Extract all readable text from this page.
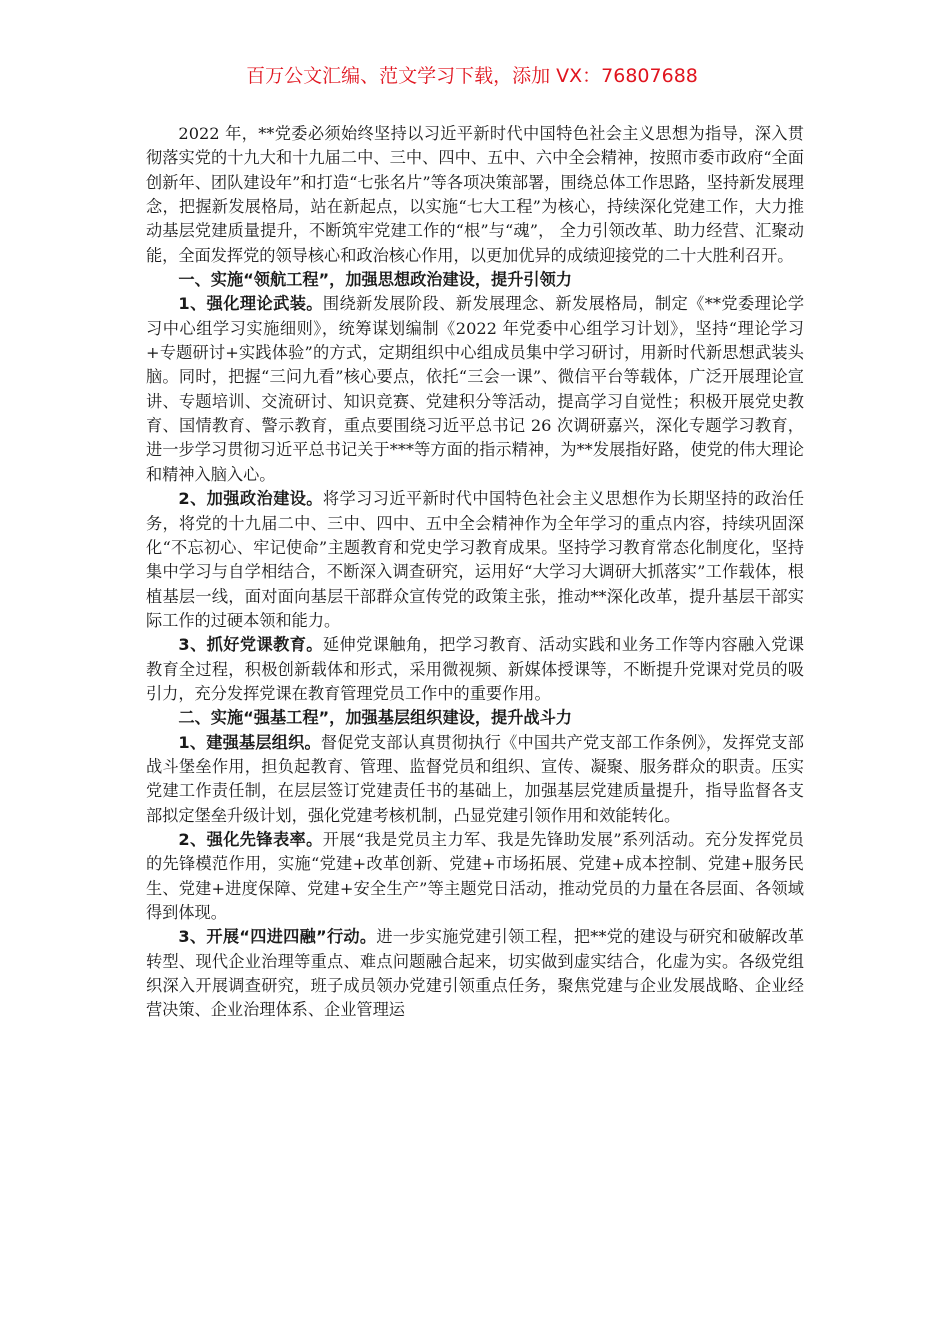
百万公文汇编、范文学习下载，添加 VX：76807688

2022 年，**党委必须始终坚持以习近平新时代中国特色社会主义思想为指导，深入贯彻落实党的十九大和十九届二中、三中、四中、五中、六中全会精神，按照市委市政府“全面创新年、团队建设年”和打造“七张名片”等各项决策部署，围绕总体工作思路，坚持新发展理念，把握新发展格局，站在新起点，以实施“七大工程”为核心，持续深化党建工作，大力推动基层党建质量提升，不断筑牢党建工作的“根”与“魂”， 全力引领改革、助力经营、汇聚动能，全面发挥党的领导核心和政治核心作用，以更加优异的成绩迎接党的二十大胜利召开。

一、实施“领航工程”，加强思想政治建设，提升引领力

1、强化理论武装。围绕新发展阶段、新发展理念、新发展格局，制定《**党委理论学习中心组学习实施细则》，统筹谋划编制《2022 年党委中心组学习计划》，坚持“理论学习+专题研讨+实践体验”的方式，定期组织中心组成员集中学习研讨，用新时代新思想武装头脑。同时，把握“三问九看”核心要点，依托“三会一课”、微信平台等载体，广泛开展理论宣讲、专题培训、交流研讨、知识竞赛、党建积分等活动，提高学习自觉性；积极开展党史教育、国情教育、警示教育，重点要围绕习近平总书记 26 次调研嘉兴，深化专题学习教育，进一步学习贯彻习近平总书记关于***等方面的指示精神，为**发展指好路，使党的伟大理论和精神入脑入心。

2、加强政治建设。将学习习近平新时代中国特色社会主义思想作为长期坚持的政治任务，将党的十九届二中、三中、四中、五中全会精神作为全年学习的重点内容，持续巩固深化“不忘初心、牢记使命”主题教育和党史学习教育成果。坚持学习教育常态化制度化，坚持集中学习与自学相结合，不断深入调查研究，运用好“大学习大调研大抓落实”工作载体，根植基层一线，面对面向基层干部群众宣传党的政策主张，推动**深化改革，提升基层干部实际工作的过硬本领和能力。

3、抓好党课教育。延伸党课触角，把学习教育、活动实践和业务工作等内容融入党课教育全过程，积极创新载体和形式，采用微视频、新媒体授课等，不断提升党课对党员的吸引力，充分发挥党课在教育管理党员工作中的重要作用。

二、实施“强基工程”，加强基层组织建设，提升战斗力

1、建强基层组织。督促党支部认真贯彻执行《中国共产党支部工作条例》，发挥党支部战斗堡垒作用，担负起教育、管理、监督党员和组织、宣传、凝聚、服务群众的职责。压实党建工作责任制，在层层签订党建责任书的基础上，加强基层党建质量提升，指导监督各支部拟定堡垒升级计划，强化党建考核机制，凸显党建引领作用和效能转化。

2、强化先锋表率。开展“我是党员主力军、我是先锋助发展”系列活动。充分发挥党员的先锋模范作用，实施“党建+改革创新、党建+市场拓展、党建+成本控制、党建+服务民生、党建+进度保障、党建+安全生产”等主题党日活动，推动党员的力量在各层面、各领域得到体现。

3、开展“四进四融”行动。进一步实施党建引领工程，把**党的建设与研究和破解改革转型、现代企业治理等重点、难点问题融合起来，切实做到虚实结合，化虚为实。各级党组织深入开展调查研究，班子成员领办党建引领重点任务，聚焦党建与企业发展战略、企业经营决策、企业治理体系、企业管理运
